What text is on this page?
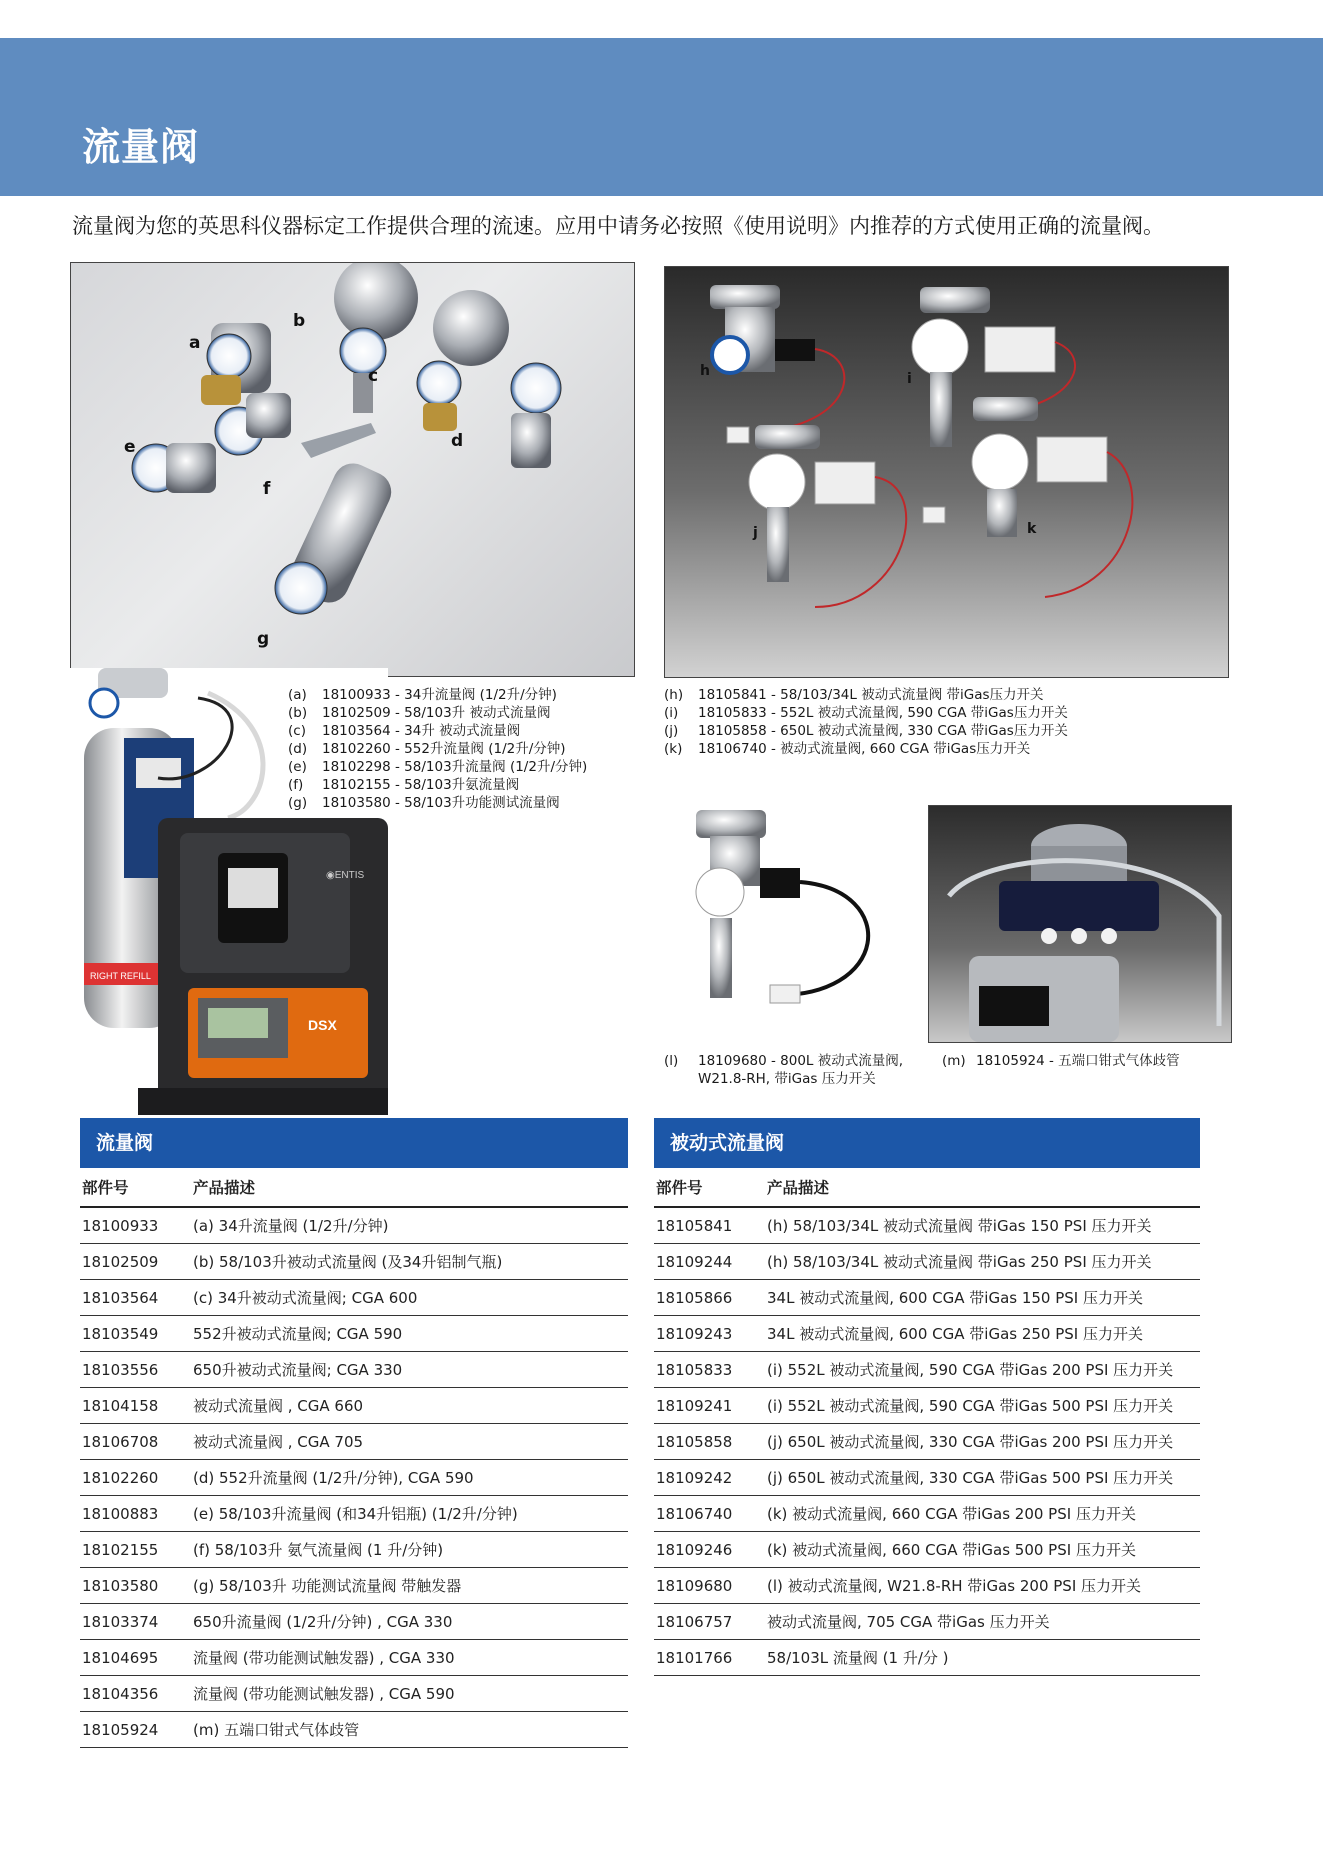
流量阀
流量阀为您的英思科仪器标定工作提供合理的流速。应用中请务必按照《使用说明》内推荐的方式使用正确的流量阀。
a
b
c
d
e
f
g
h	i
j	k
RIGHT REFILL
◉ENTIS
DSX
(a) 18100933 - 34升流量阀 (1/2升/分钟)
(b) 18102509 - 58/103升 被动式流量阀
(c) 18103564 - 34升 被动式流量阀
(d) 18102260 - 552升流量阀 (1/2升/分钟)
(e) 18102298 - 58/103升流量阀 (1/2升/分钟)
(f) 18102155 - 58/103升氨流量阀
(g) 18103580 - 58/103升功能测试流量阀
(h) 18105841 - 58/103/34L 被动式流量阀 带iGas压力开关
(i) 18105833 - 552L 被动式流量阀, 590 CGA 带iGas压力开关
(j) 18105858 - 650L 被动式流量阀, 330 CGA 带iGas压力开关
(k) 18106740 - 被动式流量阀, 660 CGA 带iGas压力开关
(l) 18109680 - 800L 被动式流量阀,
W21.8-RH, 带iGas 压力开关
(m) 18105924 - 五端口钳式气体歧管
流量阀
部件号	产品描述
18100933	(a) 34升流量阀 (1/2升/分钟)
18102509	(b) 58/103升被动式流量阀 (及34升铝制气瓶)
18103564	(c) 34升被动式流量阀; CGA 600
18103549	552升被动式流量阀; CGA 590
18103556	650升被动式流量阀; CGA 330
18104158	被动式流量阀 , CGA 660
18106708	被动式流量阀 , CGA 705
18102260	(d) 552升流量阀 (1/2升/分钟), CGA 590
18100883	(e) 58/103升流量阀 (和34升铝瓶) (1/2升/分钟)
18102155	(f) 58/103升 氨气流量阀 (1 升/分钟)
18103580	(g) 58/103升 功能测试流量阀 带触发器
18103374	650升流量阀 (1/2升/分钟) , CGA 330
18104695	流量阀 (带功能测试触发器) , CGA 330
18104356	流量阀 (带功能测试触发器) , CGA 590
18105924	(m) 五端口钳式气体歧管
被动式流量阀
部件号	产品描述
18105841	(h) 58/103/34L 被动式流量阀 带iGas 150 PSI 压力开关
18109244	(h) 58/103/34L 被动式流量阀 带iGas 250 PSI 压力开关
18105866	34L 被动式流量阀, 600 CGA 带iGas 150 PSI 压力开关
18109243	34L 被动式流量阀, 600 CGA 带iGas 250 PSI 压力开关
18105833	(i) 552L 被动式流量阀, 590 CGA 带iGas 200 PSI 压力开关
18109241	(i) 552L 被动式流量阀, 590 CGA 带iGas 500 PSI 压力开关
18105858	(j) 650L 被动式流量阀, 330 CGA 带iGas 200 PSI 压力开关
18109242	(j) 650L 被动式流量阀, 330 CGA 带iGas 500 PSI 压力开关
18106740	(k) 被动式流量阀, 660 CGA 带iGas 200 PSI 压力开关
18109246	(k) 被动式流量阀, 660 CGA 带iGas 500 PSI 压力开关
18109680	(l) 被动式流量阀, W21.8-RH 带iGas 200 PSI 压力开关
18106757	被动式流量阀, 705 CGA 带iGas 压力开关
18101766	58/103L 流量阀 (1 升/分 )
